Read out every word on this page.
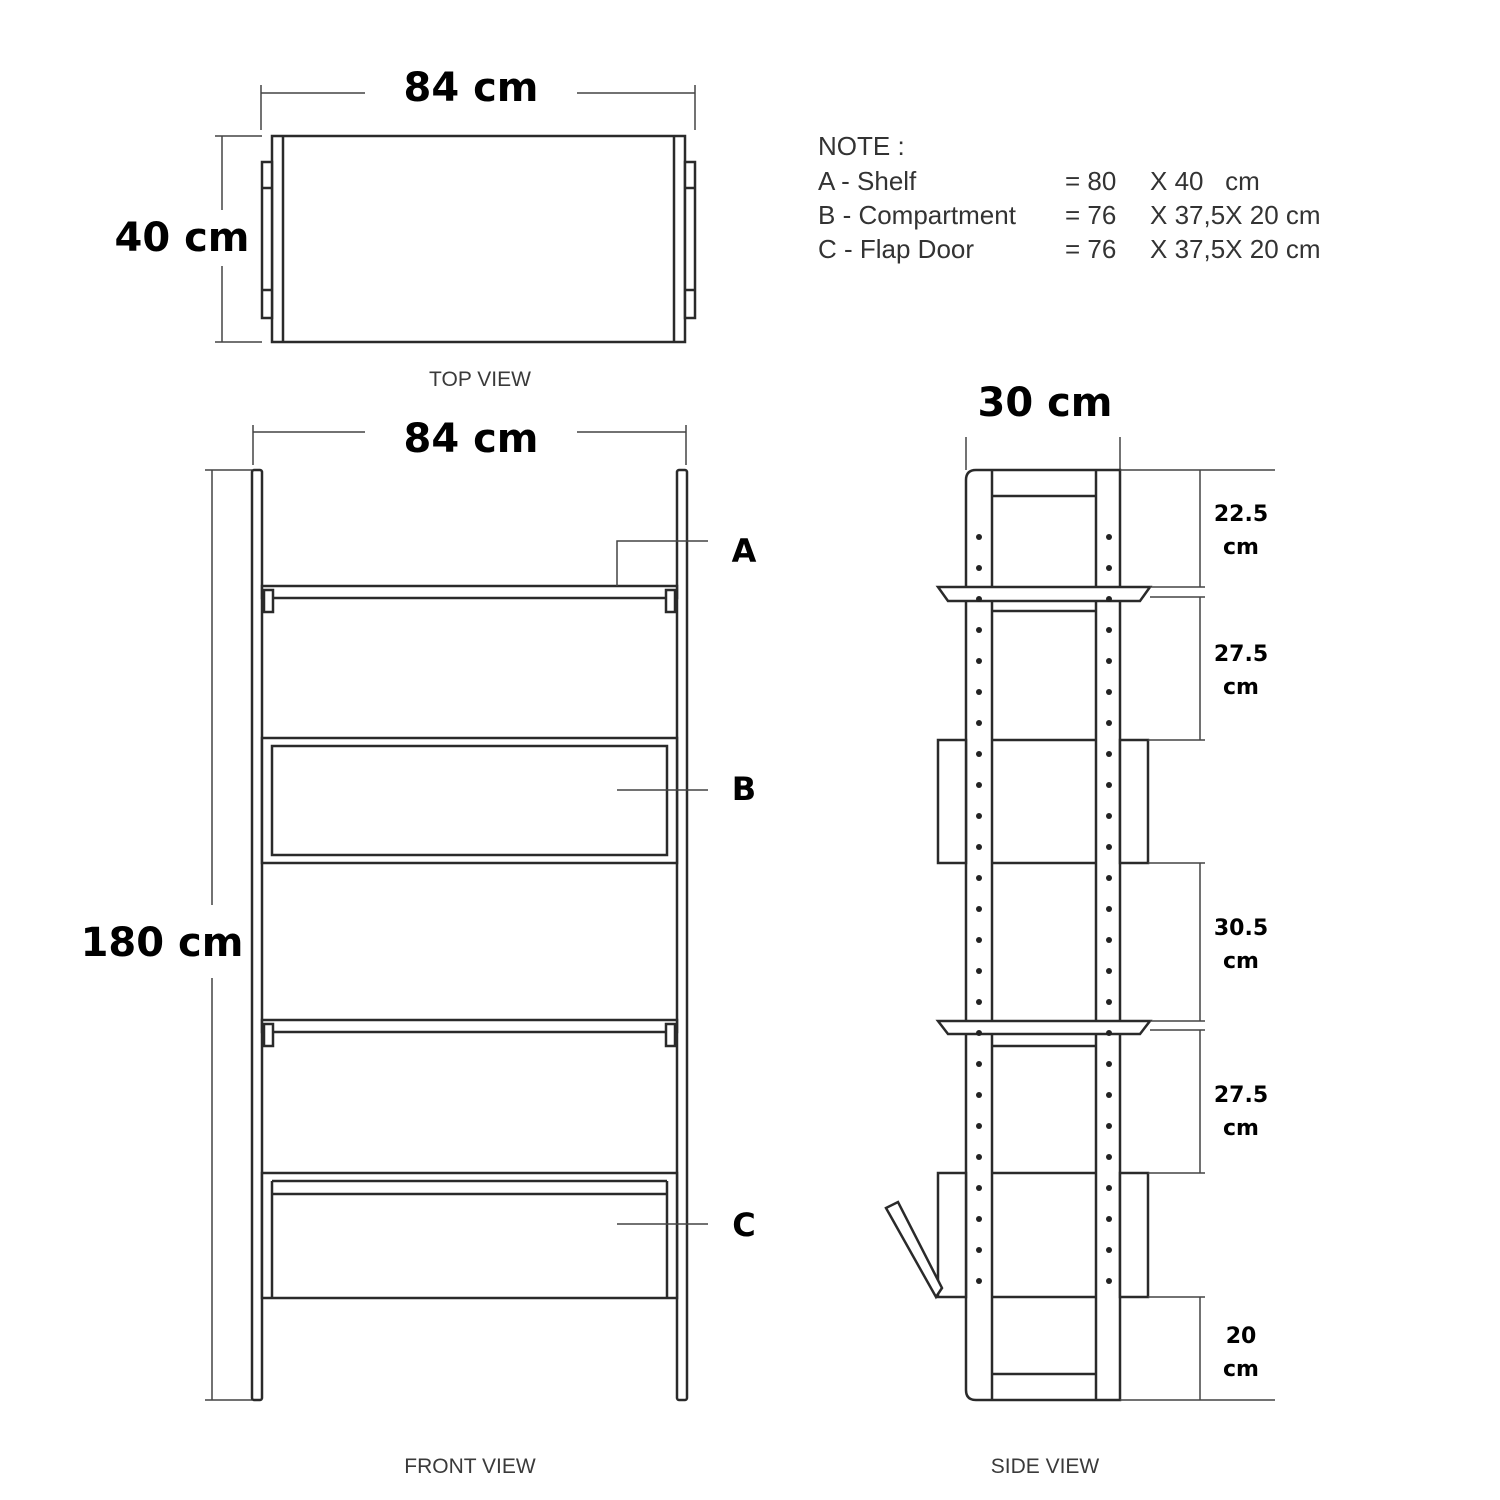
84 cm
40 cm
TOP VIEW
NOTE :
A - Shelf	= 80 X 40   cm
B - Compartment = 76 X 37,5X 20 cm
C - Flap Door	= 76 X 37,5X 20 cm
84 cm
180 cm
A
B
C
FRONT VIEW
30 cm
22.5
cm
27.5
cm
30.5
cm
27.5
cm
20
cm
SIDE VIEW
